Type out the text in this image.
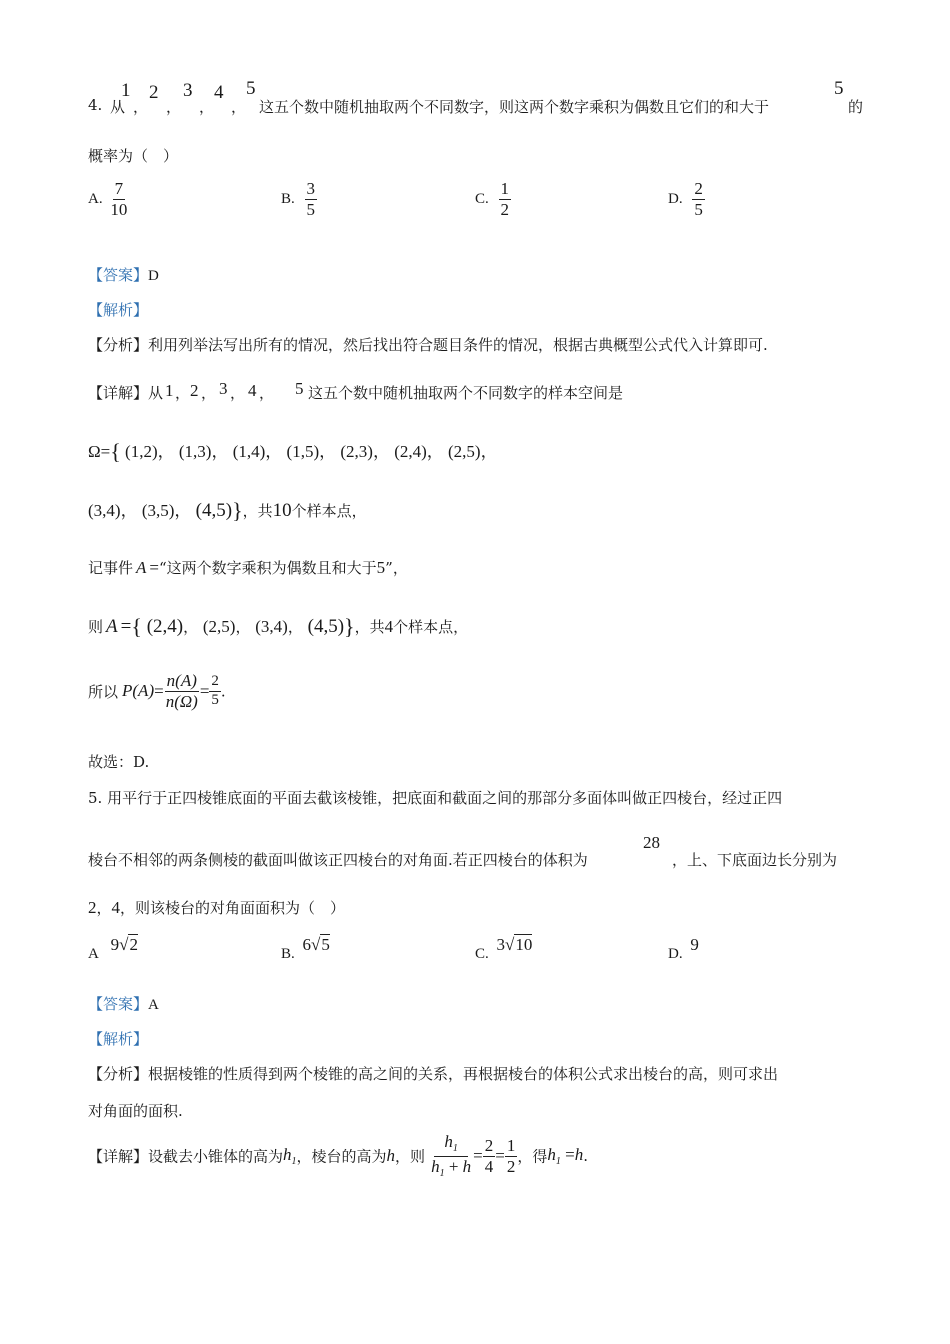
4. 从
1
，
2
，
3
，
4
，
5
这五个数中随机抽取两个不同数字，则这两个数字乘积为偶数且它们的和大于
5
的
概率为（　）
A. $\frac{7}{10}$	B. $\frac{3}{5}$	C. $\frac{1}{2}$	D. $\frac{2}{5}$
【答案】D
【解析】
【分析】利用列举法写出所有的情况，然后找出符合题目条件的情况，根据古典概型公式代入计算即可.
【详解】 从 1 ， 2 ， 3 ， 4 ， 5 这五个数中随机抽取两个不同数字的样本空间是
Ω={ (1,2)， (1,3)， (1,4)， (1,5)， (2,3)， (2,4)， (2,5)，
(3,4)， (3,5)， (4,5)}，共10个样本点，
记事件 A =“这两个数字乘积为偶数且和大于5”，
则 A ={ (2,4)， (2,5)， (3,4)， (4,5)}，共4个样本点，
所以 $P(A)= \frac{n(A)}{n(\Omega)} = \frac{2}{5}$ .
故选：D.
5. 用平行于正四棱锥底面的平面去截该棱锥，把底面和截面之间的那部分多面体叫做正四棱台，经过正四
棱台不相邻的两条侧棱的截面叫做该正四棱台的对角面.若正四棱台的体积为
28
，上、下底面边长分别为
2，4，则该棱台的对角面面积为（　）
A 9√2	B. 6√5	C. 3√10	D. 9
【答案】A
【解析】
【分析】根据棱锥的性质得到两个棱锥的高之间的关系，再根据棱台的体积公式求出棱台的高，则可求出
对角面的面积.
【详解】设截去小锥体的高为$h_1$，棱台的高为h，则 $\frac{h_1}{h_1 + h} = \frac{2}{4} = \frac{1}{2}$ ，得$h_1 =h$.
